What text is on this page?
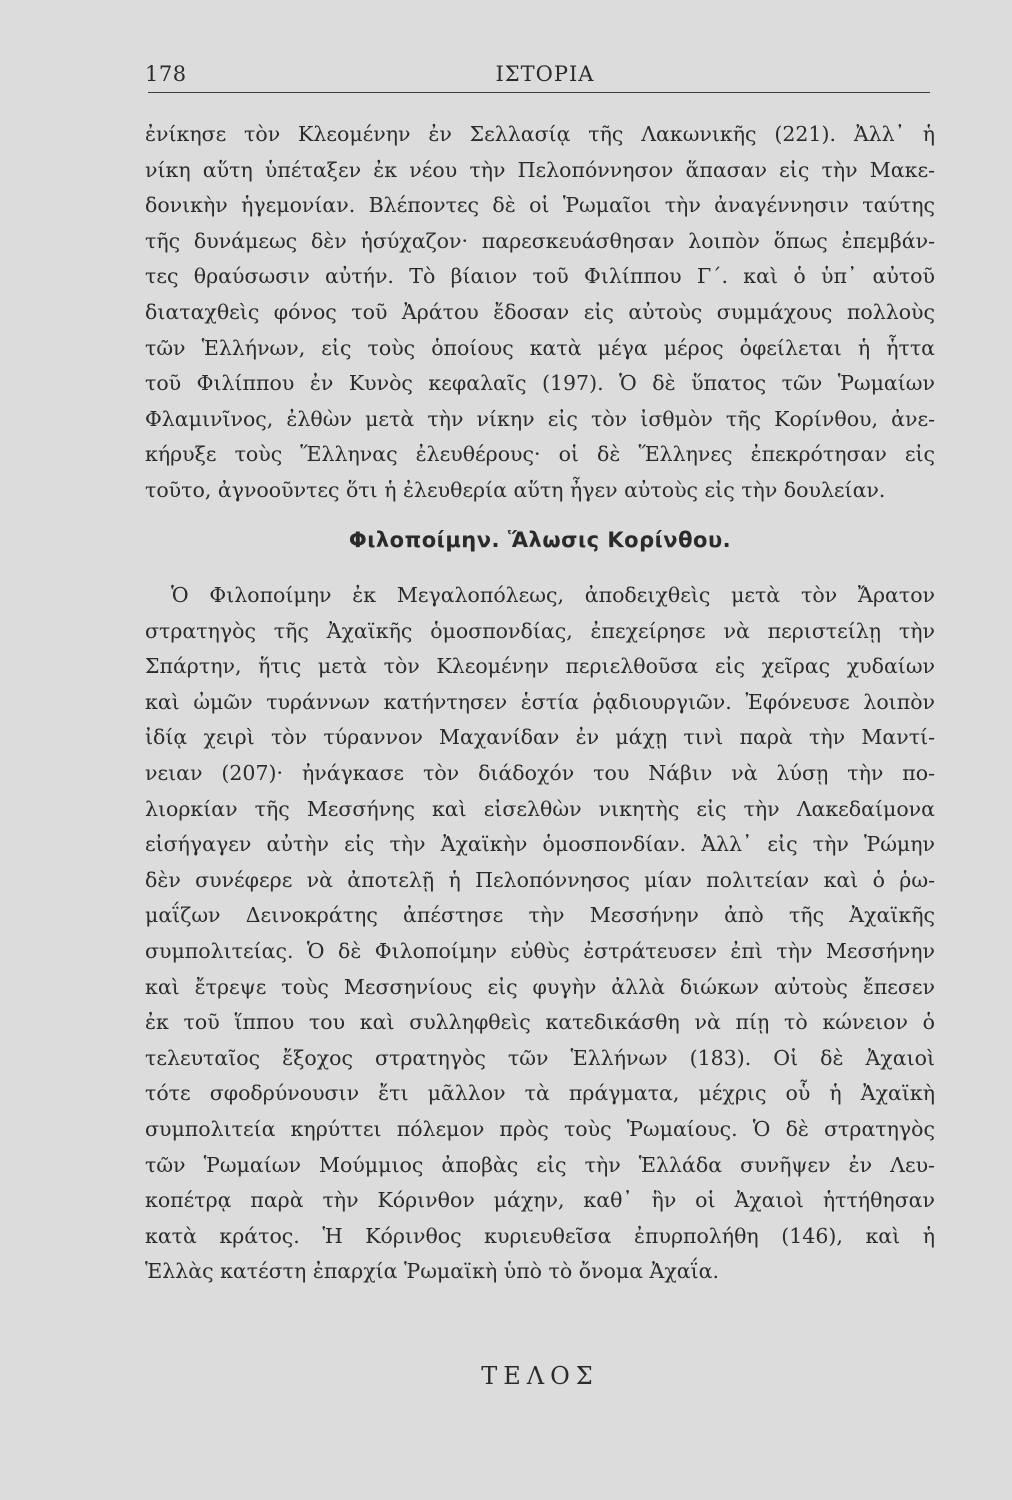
178	ΙΣΤΟΡΙΑ
ἐνίκησε τὸν Κλεομένην ἐν Σελλασίᾳ τῆς Λακωνικῆς (221). Ἀλλ᾽ ἡ
νίκη αὕτη ὑπέταξεν ἐκ νέου τὴν Πελοπόννησον ἅπασαν εἰς τὴν Μακε-
δονικὴν ἡγεμονίαν. Βλέποντες δὲ οἱ Ῥωμαῖοι τὴν ἀναγέννησιν ταύτης
τῆς δυνάμεως δὲν ἡσύχαζον· παρεσκευάσθησαν λοιπὸν ὅπως ἐπεμβάν-
τες θραύσωσιν αὐτήν. Τὸ βίαιον τοῦ Φιλίππου Γ΄. καὶ ὁ ὑπ᾽ αὐτοῦ
διαταχθεὶς φόνος τοῦ Ἀράτου ἔδοσαν εἰς αὐτοὺς συμμάχους πολλοὺς
τῶν Ἑλλήνων, εἰς τοὺς ὁποίους κατὰ μέγα μέρος ὀφείλεται ἡ ἧττα
τοῦ Φιλίππου ἐν Κυνὸς κεφαλαῖς (197). Ὁ δὲ ὕπατος τῶν Ῥωμαίων
Φλαμινῖνος, ἐλθὼν μετὰ τὴν νίκην εἰς τὸν ἰσθμὸν τῆς Κορίνθου, ἀνε-
κήρυξε τοὺς Ἕλληνας ἐλευθέρους· οἱ δὲ Ἕλληνες ἐπεκρότησαν εἰς
τοῦτο, ἀγνοοῦντες ὅτι ἡ ἐλευθερία αὕτη ἦγεν αὐτοὺς εἰς τὴν δουλείαν.
Φιλοποίμην. Ἅλωσις Κορίνθου.
Ὁ Φιλοποίμην ἐκ Μεγαλοπόλεως, ἀποδειχθεὶς μετὰ τὸν Ἄρατον
στρατηγὸς τῆς Ἀχαϊκῆς ὁμοσπονδίας, ἐπεχείρησε νὰ περιστείλῃ τὴν
Σπάρτην, ἥτις μετὰ τὸν Κλεομένην περιελθοῦσα εἰς χεῖρας χυδαίων
καὶ ὠμῶν τυράννων κατήντησεν ἑστία ῥᾳδιουργιῶν. Ἐφόνευσε λοιπὸν
ἰδίᾳ χειρὶ τὸν τύραννον Μαχανίδαν ἐν μάχῃ τινὶ παρὰ τὴν Μαντί-
νειαν (207)· ἠνάγκασε τὸν διάδοχόν του Νάβιν νὰ λύσῃ τὴν πο-
λιορκίαν τῆς Μεσσήνης καὶ εἰσελθὼν νικητὴς εἰς τὴν Λακεδαίμονα
εἰσήγαγεν αὐτὴν εἰς τὴν Ἀχαϊκὴν ὁμοσπονδίαν. Ἀλλ᾽ εἰς τὴν Ῥώμην
δὲν συνέφερε νὰ ἀποτελῇ ἡ Πελοπόννησος μίαν πολιτείαν καὶ ὁ ῥω-
μαΐζων Δεινοκράτης ἀπέστησε τὴν Μεσσήνην ἀπὸ τῆς Ἀχαϊκῆς
συμπολιτείας. Ὁ δὲ Φιλοποίμην εὐθὺς ἐστράτευσεν ἐπὶ τὴν Μεσσήνην
καὶ ἔτρεψε τοὺς Μεσσηνίους εἰς φυγὴν ἀλλὰ διώκων αὐτοὺς ἔπεσεν
ἐκ τοῦ ἵππου του καὶ συλληφθεὶς κατεδικάσθη νὰ πίῃ τὸ κώνειον ὁ
τελευταῖος ἔξοχος στρατηγὸς τῶν Ἑλλήνων (183). Οἱ δὲ Ἀχαιοὶ
τότε σφοδρύνουσιν ἔτι μᾶλλον τὰ πράγματα, μέχρις οὗ ἡ Ἀχαϊκὴ
συμπολιτεία κηρύττει πόλεμον πρὸς τοὺς Ῥωμαίους. Ὁ δὲ στρατηγὸς
τῶν Ῥωμαίων Μούμμιος ἀποβὰς εἰς τὴν Ἑλλάδα συνῆψεν ἐν Λευ-
κοπέτρᾳ παρὰ τὴν Κόρινθον μάχην, καθ᾽ ἣν οἱ Ἀχαιοὶ ἡττήθησαν
κατὰ κράτος. Ἡ Κόρινθος κυριευθεῖσα ἐπυρπολήθη (146), καὶ ἡ
Ἑλλὰς κατέστη ἐπαρχία Ῥωμαϊκὴ ὑπὸ τὸ ὄνομα Ἀχαΐα.
ΤΕΛΟΣ
